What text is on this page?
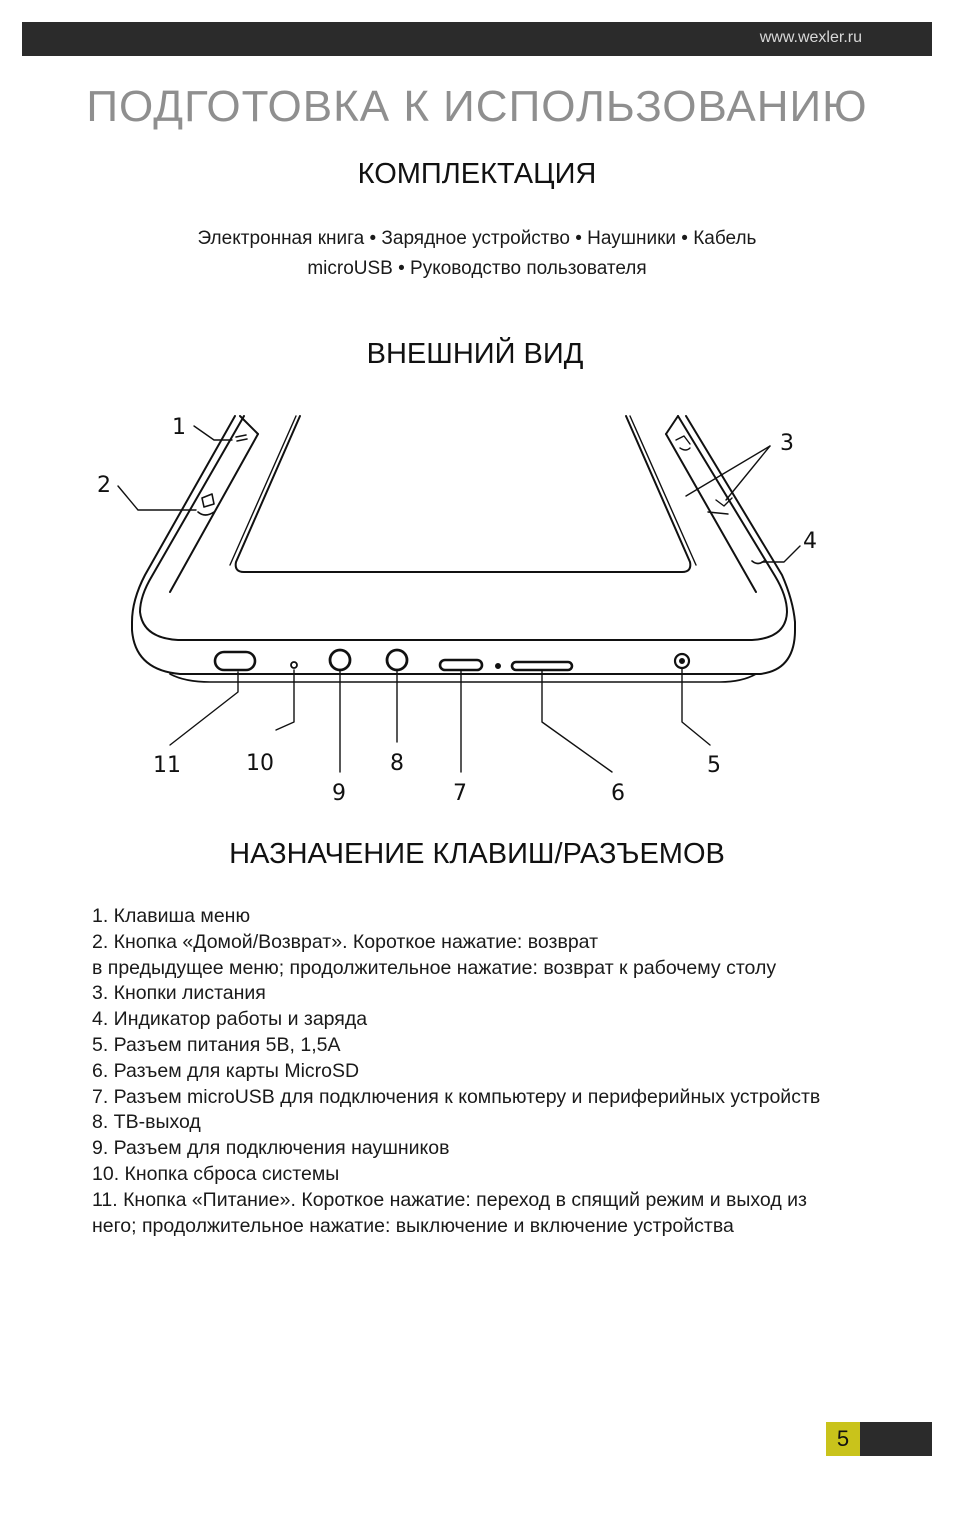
www.wexler.ru
ПОДГОТОВКА К ИСПОЛЬЗОВАНИЮ
КОМПЛЕКТАЦИЯ
Электронная книга • Зарядное устройство • Наушники • Кабель
microUSB • Руководство пользователя
ВНЕШНИЙ ВИД
1
2
3
4
5
6
7
8
9
10
11
НАЗНАЧЕНИЕ КЛАВИШ/РАЗЪЕМОВ
1. Клавиша меню
2. Кнопка «Домой/Возврат». Короткое нажатие: возврат
в предыдущее меню; продолжительное нажатие: возврат к рабочему столу
3. Кнопки листания
4. Индикатор работы и заряда
5. Разъем питания 5В, 1,5А
6. Разъем для карты MicroSD
7. Разъем microUSB для подключения к компьютеру и периферийных устройств
8. ТВ-выход
9. Разъем для подключения наушников
10. Кнопка сброса системы
11. Кнопка «Питание». Короткое нажатие: переход в спящий режим и выход из него; продолжительное нажатие: выключение и включение устройства
5
